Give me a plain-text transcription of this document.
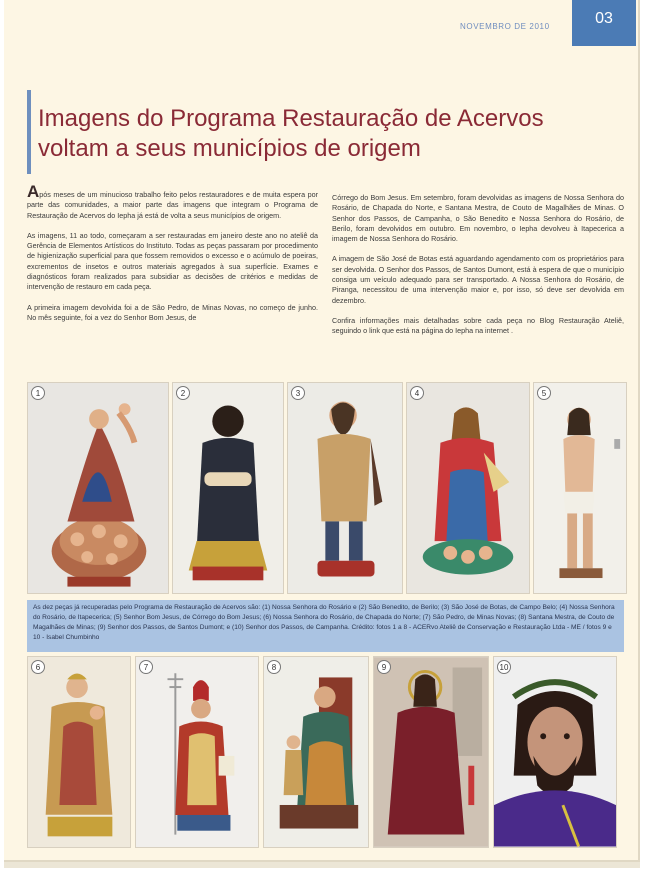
NOVEMBRO DE 2010	03
Imagens do Programa Restauração de Acervos
voltam a seus municípios de origem

Após meses de um minucioso trabalho feito pelos restauradores e de muita espera por parte das comunidades, a maior parte das imagens que integram o Programa de Restauração de Acervos do Iepha já está de volta a seus municípios de origem.

As imagens, 11 ao todo, começaram a ser restauradas em janeiro deste ano no ateliê da Gerência de Elementos Artísticos do Instituto. Todas as peças passaram por procedimento de higienização superficial para que fossem removidos o excesso e o acúmulo de poeiras, excrementos de insetos e outros materiais agregados à sua superfície. Exames e diagnósticos foram realizados para subsidiar as decisões de critérios e medidas de intervenção de restauro em cada peça.

A primeira imagem devolvida foi a de São Pedro, de Minas Novas, no começo de junho. No mês seguinte, foi a vez do Senhor Bom Jesus, de

Córrego do Bom Jesus. Em setembro, foram devolvidas as imagens de Nossa Senhora do Rosário, de Chapada do Norte, e Santana Mestra, de Couto de Magalhães de Minas. O Senhor dos Passos, de Campanha, o São Benedito e Nossa Senhora do Rosário, de Berilo, foram devolvidos em outubro. Em novembro, o Iepha devolveu à Itapecerica a imagem de Nossa Senhora do Rosário.

A imagem de São José de Botas está aguardando agendamento com os proprietários para ser devolvida. O Senhor dos Passos, de Santos Dumont, está à espera de que o município consiga um veículo adequado para ser transportado. A Nossa Senhora do Rosário, de Piranga, necessitou de uma intervenção maior e, por isso, só deve ser devolvida em dezembro.

Confira informações mais detalhadas sobre cada peça no Blog Restauração Ateliê, seguindo o link que está na página do Iepha na internet .

1	2	3	4	5
As dez peças já recuperadas pelo Programa de Restauração de Acervos são: (1) Nossa Senhora do Rosário e (2) São Benedito, de Berilo; (3) São José de Botas, de Campo Belo; (4) Nossa Senhora do Rosário, de Itapecerica; (5) Senhor Bom Jesus, de Córrego do Bom Jesus; (6) Nossa Senhora do Rosário, de Chapada do Norte; (7) São Pedro, de Minas Novas; (8) Santana Mestra, de Couto de Magalhães de Minas; (9) Senhor dos Passos, de Santos Dumont; e (10) Senhor dos Passos, de Campanha. Crédito: fotos 1 a 8 - ACERvo Ateliê de Conservação e Restauração Ltda - ME / fotos 9 e 10 - Isabel Chumbinho
6	7	8	9	10
